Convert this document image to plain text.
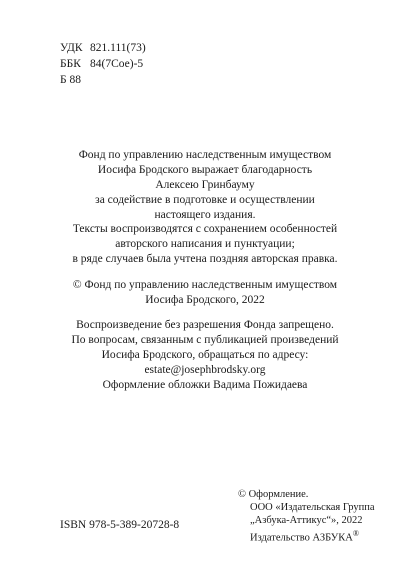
УДК 821.111(73)
ББК 84(7Сое)-5
Б 88
Фонд по управлению наследственным имуществом
Иосифа Бродского выражает благодарность
Алексею Гринбауму
за содействие в подготовке и осуществлении
настоящего издания.
Тексты воспроизводятся с сохранением особенностей
авторского написания и пунктуации;
в ряде случаев была учтена поздняя авторская правка.
© Фонд по управлению наследственным имуществом
Иосифа Бродского, 2022
Воспроизведение без разрешения Фонда запрещено.
По вопросам, связанным с публикацией произведений
Иосифа Бродского, обращаться по адресу:
estate@josephbrodsky.org
Оформление обложки Вадима Пожидаева
© Оформление.
ООО «Издательская Группа
„Азбука-Аттикус“», 2022
Издательство АЗБУКА®
ISBN 978-5-389-20728-8
